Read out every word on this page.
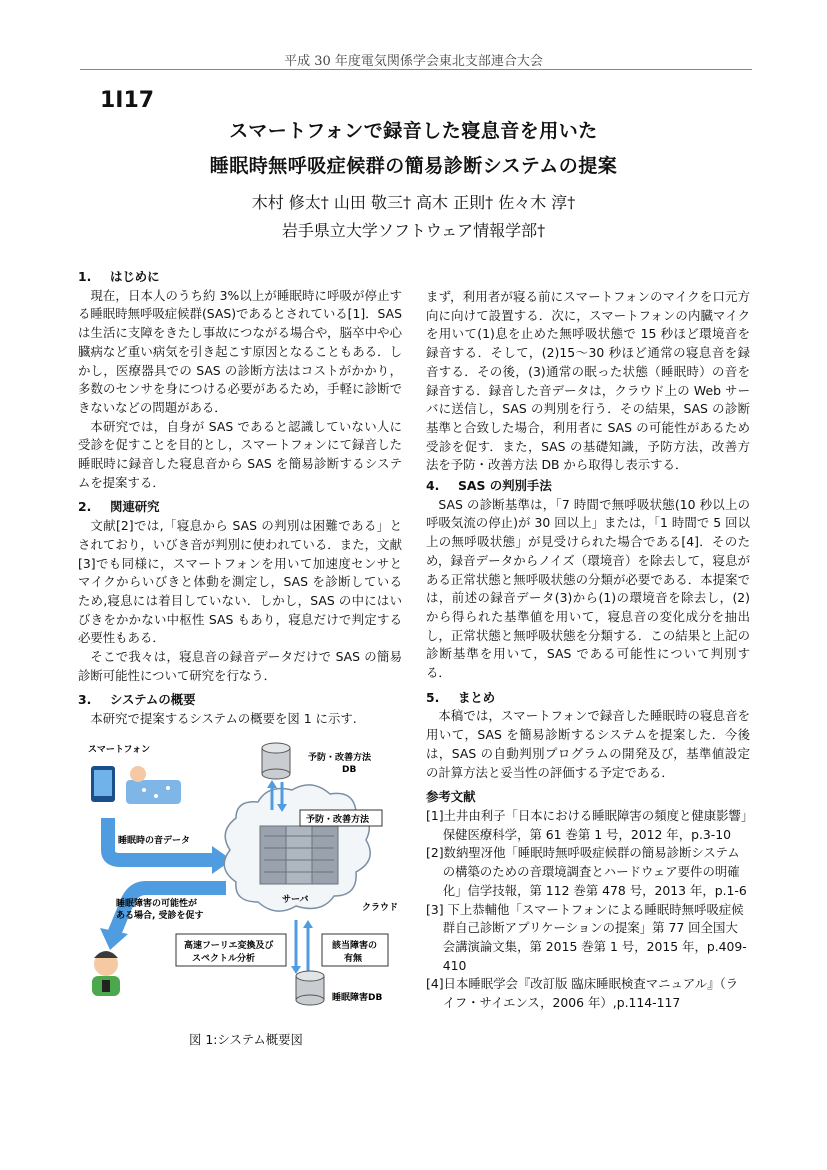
平成 30 年度電気関係学会東北支部連合大会
1I17
スマートフォンで録音した寝息音を用いた
睡眠時無呼吸症候群の簡易診断システムの提案
木村 修太† 山田 敬三† 高木 正則† 佐々木 淳†
岩手県立大学ソフトウェア情報学部†
1. はじめに

現在，日本人のうち約 3%以上が睡眠時に呼吸が停止する睡眠時無呼吸症候群(SAS)であるとされている[1]．SAS は生活に支障をきたし事故につながる場合や，脳卒中や心臓病など重い病気を引き起こす原因となることもある．しかし，医療器具での SAS の診断方法はコストがかかり，多数のセンサを身につける必要があるため，手軽に診断できないなどの問題がある．

本研究では，自身が SAS であると認識していない人に受診を促すことを目的とし，スマートフォンにて録音した睡眠時に録音した寝息音から SAS を簡易診断するシステムを提案する．

2. 関連研究

文献[2]では,「寝息から SAS の判別は困難である」とされており，いびき音が判別に使われている．また，文献[3]でも同様に，スマートフォンを用いて加速度センサとマイクからいびきと体動を測定し，SAS を診断しているため,寝息には着目していない．しかし，SAS の中にはいびきをかかない中枢性 SAS もあり，寝息だけで判定する必要性もある．

そこで我々は，寝息音の録音データだけで SAS の簡易診断可能性について研究を行なう．

3. システムの概要

本研究で提案するシステムの概要を図 1 に示す.

スマートフォン
睡眠時の音データ
睡眠障害の可能性が
ある場合, 受診を促す
サーバ
クラウド
予防・改善方法
DB
予防・改善方法
高速フーリエ変換及び
スペクトル分析
該当障害の
有無
睡眠障害DB
図 1:システム概要図

まず，利用者が寝る前にスマートフォンのマイクを口元方向に向けて設置する．次に，スマートフォンの内臓マイクを用いて(1)息を止めた無呼吸状態で 15 秒ほど環境音を録音する．そして，(2)15～30 秒ほど通常の寝息音を録音する．その後，(3)通常の眠った状態（睡眠時）の音を録音する．録音した音データは，クラウド上の Web サーバに送信し，SAS の判別を行う．その結果，SAS の診断基準と合致した場合，利用者に SAS の可能性があるため受診を促す．また，SAS の基礎知識，予防方法，改善方法を予防・改善方法 DB から取得し表示する．

4. SAS の判別手法

SAS の診断基準は，「7 時間で無呼吸状態(10 秒以上の呼吸気流の停止)が 30 回以上」または，「1 時間で 5 回以上の無呼吸状態」が見受けられた場合である[4]．そのため，録音データからノイズ（環境音）を除去して，寝息がある正常状態と無呼吸状態の分類が必要である．本提案では，前述の録音データ(3)から(1)の環境音を除去し，(2)から得られた基準値を用いて，寝息音の変化成分を抽出し，正常状態と無呼吸状態を分類する．この結果と上記の診断基準を用いて，SAS である可能性について判別する．

5. まとめ

本稿では，スマートフォンで録音した睡眠時の寝息音を用いて，SAS を簡易診断するシステムを提案した．今後は，SAS の自動判別プログラムの開発及び，基準値設定の計算方法と妥当性の評価する予定である．

参考文献

[1]土井由利子「日本における睡眠障害の頻度と健康影響」保健医療科学，第 61 巻第 1 号，2012 年，p.3-10

[2]数納聖冴他「睡眠時無呼吸症候群の簡易診断システムの構築のための音環境調査とハードウェア要件の明確化」信学技報，第 112 巻第 478 号，2013 年，p.1-6

[3] 下上恭輔他「スマートフォンによる睡眠時無呼吸症候群自己診断アプリケーションの提案」第 77 回全国大会講演論文集，第 2015 巻第 1 号，2015 年，p.409-410

[4]日本睡眠学会『改訂版 臨床睡眠検査マニュアル』（ライフ・サイエンス，2006 年）,p.114-117
